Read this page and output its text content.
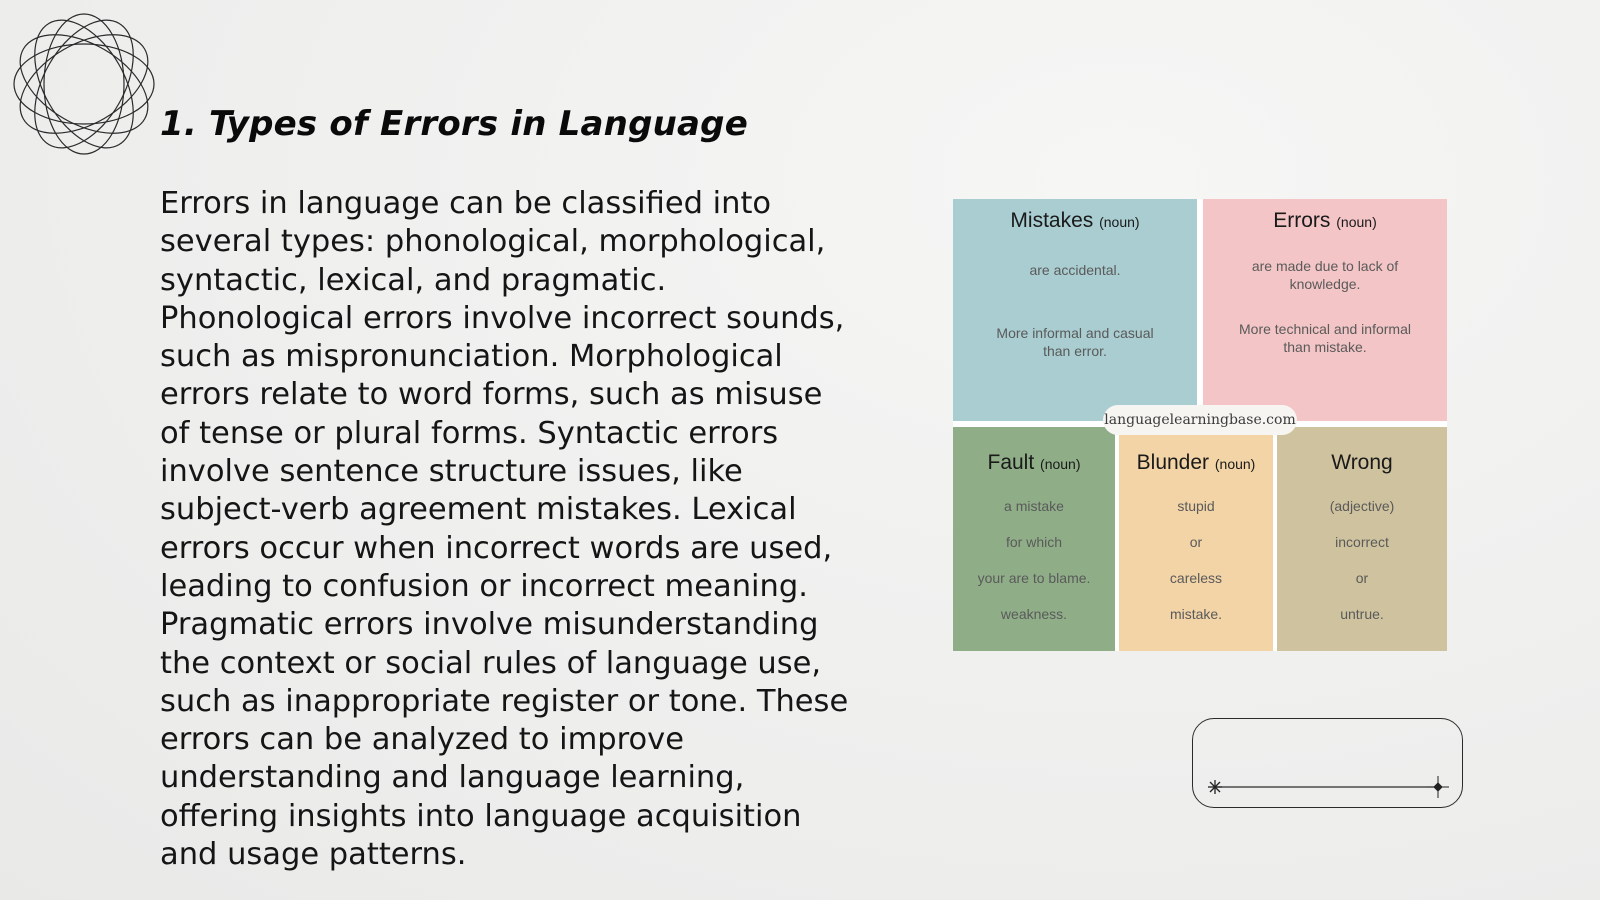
1. Types of Errors in Language

Errors in language can be classified into
several types: phonological, morphological,
syntactic, lexical, and pragmatic.
Phonological errors involve incorrect sounds,
such as mispronunciation. Morphological
errors relate to word forms, such as misuse
of tense or plural forms. Syntactic errors
involve sentence structure issues, like
subject-verb agreement mistakes. Lexical
errors occur when incorrect words are used,
leading to confusion or incorrect meaning.
Pragmatic errors involve misunderstanding
the context or social rules of language use,
such as inappropriate register or tone. These
errors can be analyzed to improve
understanding and language learning,
offering insights into language acquisition
and usage patterns.

Mistakes (noun)
are accidental.
More informal and casual
than error.
Errors (noun)
are made due to lack of
knowledge.
More technical and informal
than mistake.
Fault (noun)
a mistake
for which
your are to blame.
weakness.
Blunder (noun)
stupid
or
careless
mistake.
Wrong
(adjective)
incorrect
or
untrue.
languagelearningbase.com
